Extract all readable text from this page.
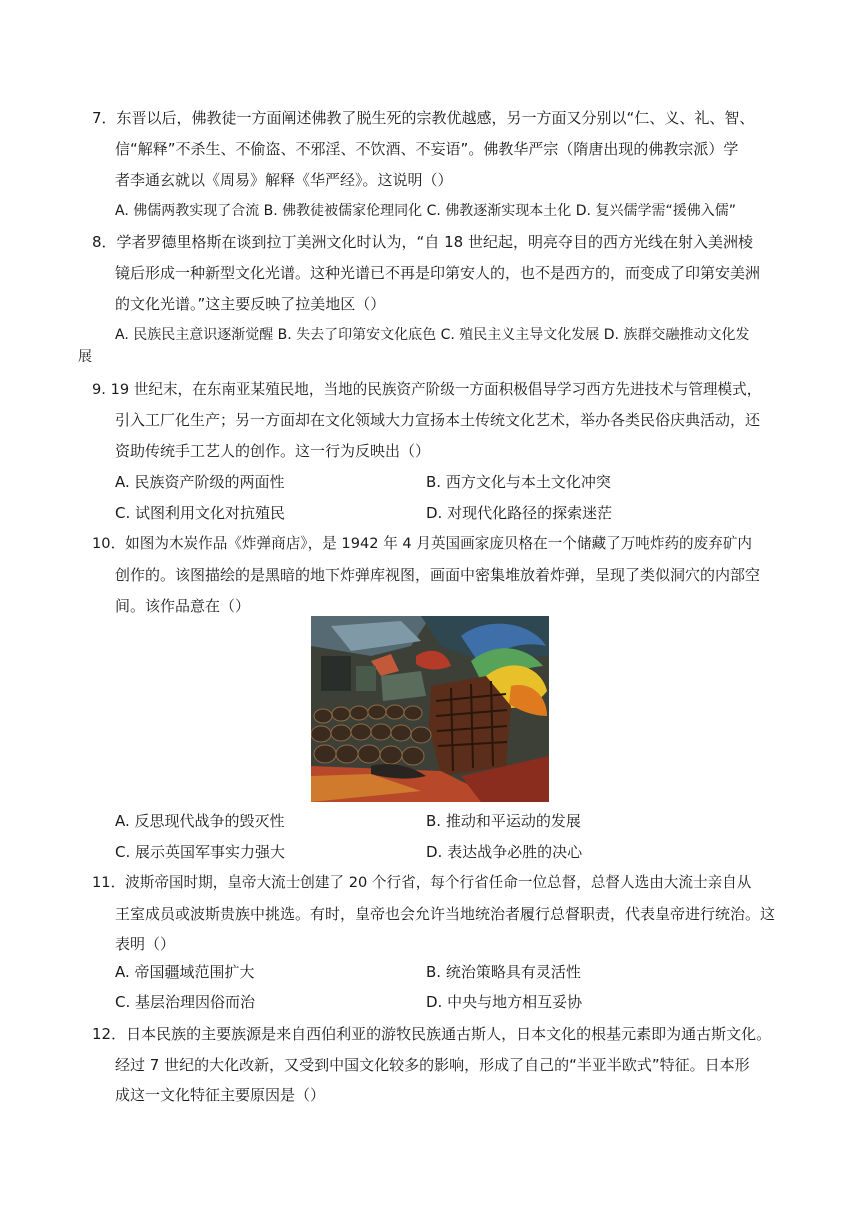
7．东晋以后，佛教徒一方面阐述佛教了脱生死的宗教优越感，另一方面又分别以“仁、义、礼、智、
信“解释”不杀生、不偷盗、不邪淫、不饮酒、不妄语”。佛教华严宗（隋唐出现的佛教宗派）学
者李通玄就以《周易》解释《华严经》。这说明（）
A. 佛儒两教实现了合流 B. 佛教徒被儒家伦理同化 C. 佛教逐渐实现本土化 D. 复兴儒学需“援佛入儒”
8．学者罗德里格斯在谈到拉丁美洲文化时认为，“自 18 世纪起，明亮夺目的西方光线在射入美洲棱
镜后形成一种新型文化光谱。这种光谱已不再是印第安人的，也不是西方的，而变成了印第安美洲
的文化光谱。”这主要反映了拉美地区（）
A. 民族民主意识逐渐觉醒 B. 失去了印第安文化底色 C. 殖民主义主导文化发展 D. 族群交融推动文化发
展
9. 19 世纪末，在东南亚某殖民地，当地的民族资产阶级一方面积极倡导学习西方先进技术与管理模式，
引入工厂化生产；另一方面却在文化领域大力宣扬本土传统文化艺术，举办各类民俗庆典活动，还
资助传统手工艺人的创作。这一行为反映出（）
A. 民族资产阶级的两面性	B. 西方文化与本土文化冲突
C. 试图利用文化对抗殖民	D. 对现代化路径的探索迷茫
10．如图为木炭作品《炸弹商店》，是 1942 年 4 月英国画家庞贝格在一个储藏了万吨炸药的废弃矿内
创作的。该图描绘的是黑暗的地下炸弹库视图，画面中密集堆放着炸弹，呈现了类似洞穴的内部空
间。该作品意在（）
A. 反思现代战争的毁灭性	B. 推动和平运动的发展
C. 展示英国军事实力强大	D. 表达战争必胜的决心
11．波斯帝国时期，皇帝大流士创建了 20 个行省，每个行省任命一位总督，总督人选由大流士亲自从
王室成员或波斯贵族中挑选。有时，皇帝也会允许当地统治者履行总督职责，代表皇帝进行统治。这
表明（）
A. 帝国疆域范围扩大	B. 统治策略具有灵活性
C. 基层治理因俗而治	D. 中央与地方相互妥协
12．日本民族的主要族源是来自西伯利亚的游牧民族通古斯人，日本文化的根基元素即为通古斯文化。
经过 7 世纪的大化改新，又受到中国文化较多的影响，形成了自己的“半亚半欧式”特征。日本形
成这一文化特征主要原因是（）
